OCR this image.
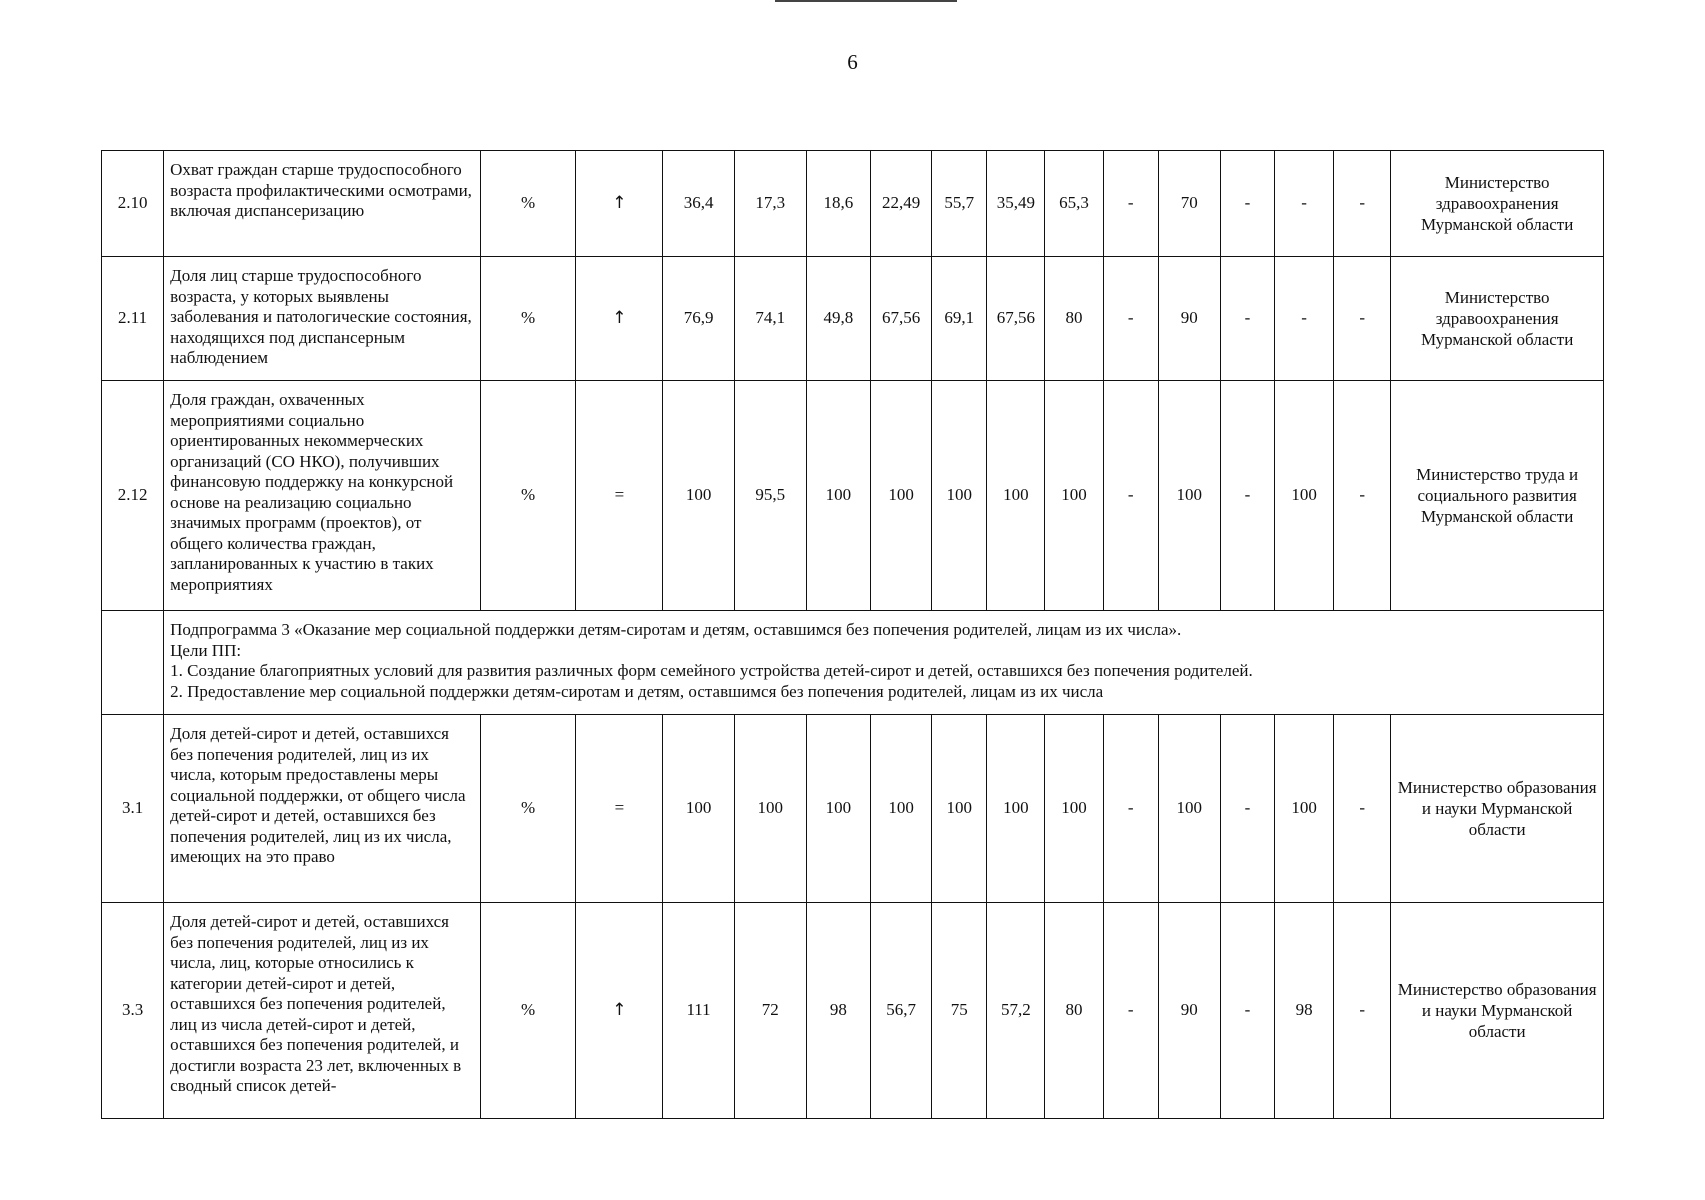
6
2.10	Охват граждан старше трудоспособного возраста профилактическими осмотрами, включая диспансеризацию	%	↑	36,4	17,3	18,6	22,49	55,7	35,49	65,3	-	70	-	-	-	Министерство здравоохранения Мурманской области
2.11	Доля лиц старше трудоспособного возраста, у которых выявлены заболевания и патологические состояния, находящихся под диспансерным наблюдением	%	↑	76,9	74,1	49,8	67,56	69,1	67,56	80	-	90	-	-	-	Министерство здравоохранения Мурманской области
2.12	Доля граждан, охваченных мероприятиями социально ориентированных некоммерческих организаций (СО НКО), получивших финансовую поддержку на конкурсной основе на реализацию социально значимых программ (проектов), от общего количества граждан, запланированных к участию в таких мероприятиях	%	=	100	95,5	100	100	100	100	100	-	100	-	100	-	Министерство труда и социального развития Мурманской области

	Подпрограмма 3 «Оказание мер социальной поддержки детям-сиротам и детям, оставшимся без попечения родителей, лицам из их числа».
Цели ПП:
1. Создание благоприятных условий для развития различных форм семейного устройства детей-сирот и детей, оставшихся без попечения родителей.
2. Предоставление мер социальной поддержки детям-сиротам и детям, оставшимся без попечения родителей, лицам из их числа															

3.1	Доля детей-сирот и детей, оставшихся без попечения родителей, лиц из их числа, которым предоставлены меры социальной поддержки, от общего числа детей-сирот и детей, оставшихся без попечения родителей, лиц из их числа, имеющих на это право	%	=	100	100	100	100	100	100	100	-	100	-	100	-	Министерство образования и науки Мурманской области
3.3	Доля детей-сирот и детей, оставшихся без попечения родителей, лиц из их числа, лиц, которые относились к категории детей-сирот и детей, оставшихся без попечения родителей, лиц из числа детей-сирот и детей, оставшихся без попечения родителей, и достигли возраста 23 лет, включенных в сводный список детей-	%	↑	111	72	98	56,7	75	57,2	80	-	90	-	98	-	Министерство образования и науки Мурманской области
